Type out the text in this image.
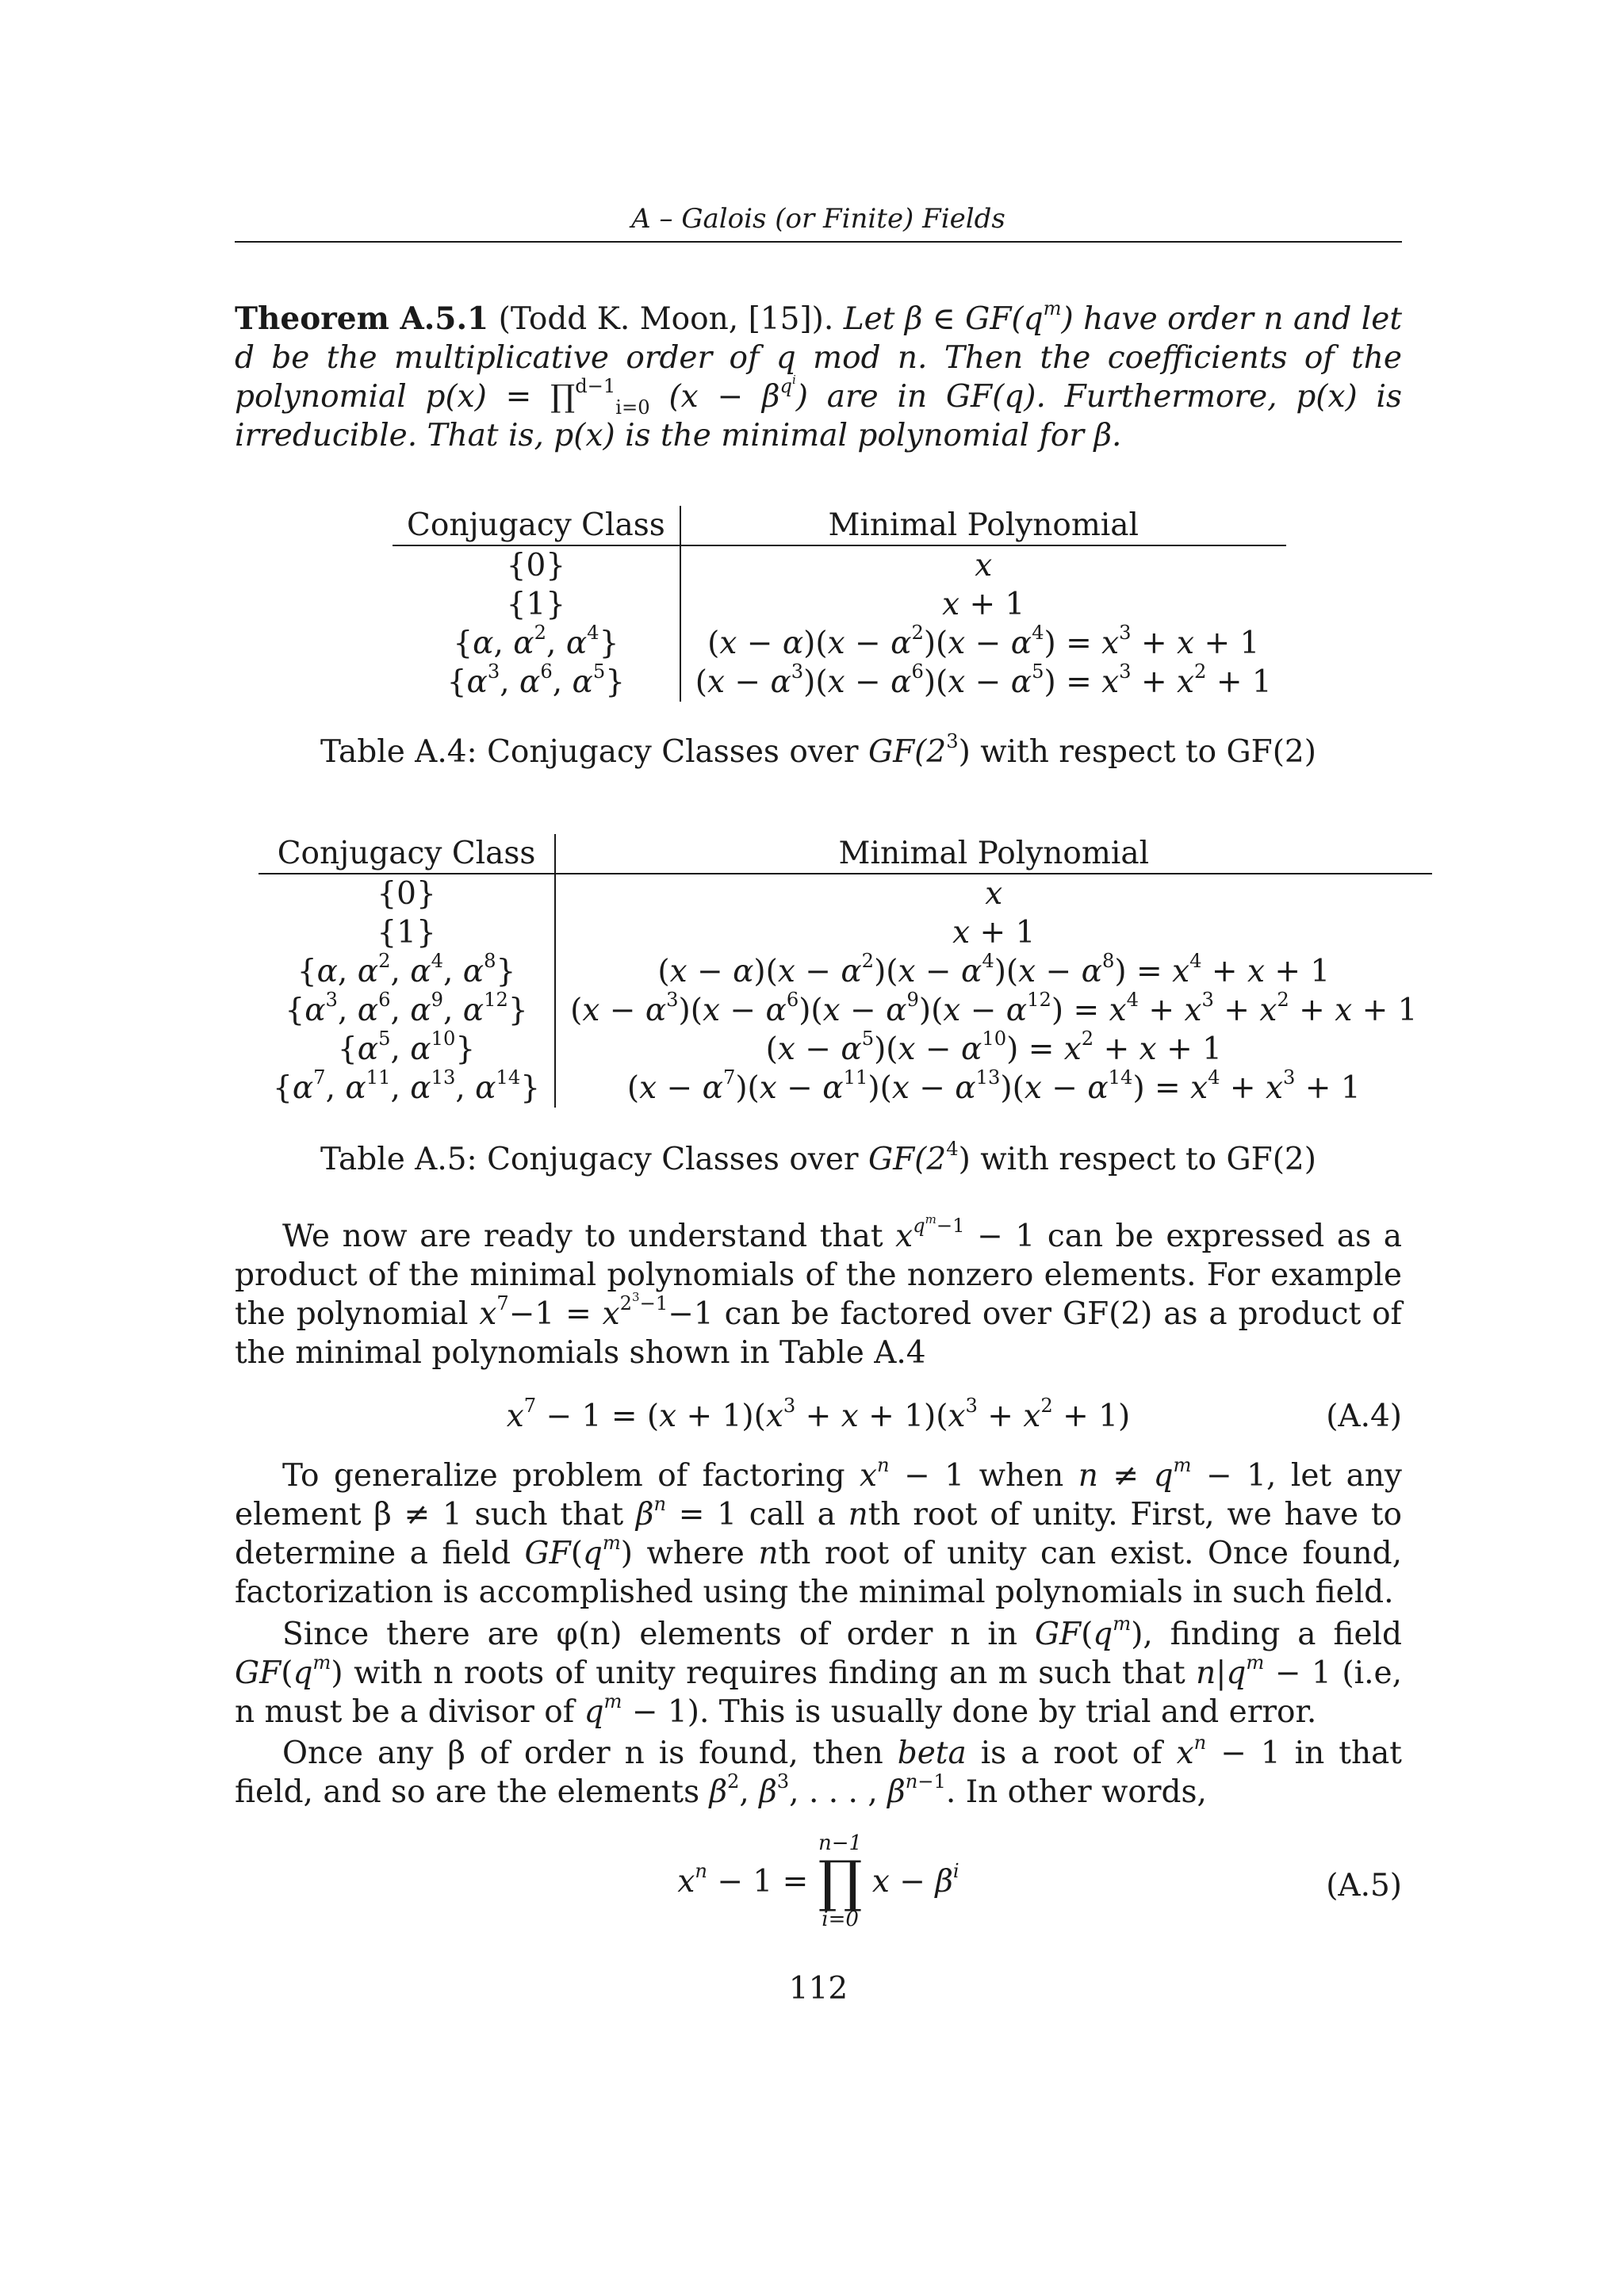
A – Galois (or Finite) Fields
Theorem A.5.1 (Todd K. Moon, [15]). Let β ∈ $GF(q^m)$ have order n and let d be the multiplicative order of q mod n. Then the coefficients of the polynomial p(x) = ∏$^{d-1}_{i=0}$ $(x - \beta^{q^i})$ are in GF(q). Furthermore, p(x) is irreducible. That is, p(x) is the minimal polynomial for β.
Conjugacy Class	Minimal Polynomial
{0}	x
{1}	x + 1
{α, $\alpha^2$, $\alpha^4$}	$(x - \alpha)(x - \alpha^2)(x - \alpha^4) = x^3 + x + 1$
{$\alpha^3$, $\alpha^6$, $\alpha^5$}	$(x - \alpha^3)(x - \alpha^6)(x - \alpha^5) = x^3 + x^2 + 1$
Table A.4: Conjugacy Classes over $GF(2^3)$ with respect to GF(2)
Conjugacy Class	Minimal Polynomial
{0}	x
{1}	x + 1
{α, $\alpha^2$, $\alpha^4$, $\alpha^8$}	$(x - \alpha)(x - \alpha^2)(x - \alpha^4)(x - \alpha^8) = x^4 + x + 1$
{$\alpha^3$, $\alpha^6$, $\alpha^9$, $\alpha^{12}$}	$(x - \alpha^3)(x - \alpha^6)(x - \alpha^9)(x - \alpha^{12}) = x^4 + x^3 + x^2 + x + 1$
{$\alpha^5$, $\alpha^{10}$}	$(x - \alpha^5)(x - \alpha^{10}) = x^2 + x + 1$
{$\alpha^7$, $\alpha^{11}$, $\alpha^{13}$, $\alpha^{14}$}	$(x - \alpha^7)(x - \alpha^{11})(x - \alpha^{13})(x - \alpha^{14}) = x^4 + x^3 + 1$
Table A.5: Conjugacy Classes over $GF(2^4)$ with respect to GF(2)
We now are ready to understand that $x^{q^m-1} - 1$ can be expressed as a product of the minimal polynomials of the nonzero elements. For example the polynomial $x^7-1 = x^{2^3-1}-1$ can be factored over GF(2) as a product of the minimal polynomials shown in Table A.4
$x^7 - 1 = (x + 1)(x^3 + x + 1)(x^3 + x^2 + 1)$	(A.4)
To generalize problem of factoring $x^n - 1$ when $n \ne q^m - 1$, let any element β ≠ 1 such that $\beta^n = 1$ call a nth root of unity. First, we have to determine a field $GF(q^m)$ where nth root of unity can exist. Once found, factorization is accomplished using the minimal polynomials in such field.
Since there are φ(n) elements of order n in $GF(q^m)$, finding a field $GF(q^m)$ with n roots of unity requires finding an m such that $n|q^m - 1$ (i.e, n must be a divisor of $q^m - 1$). This is usually done by trial and error.
Once any β of order n is found, then beta is a root of $x^n - 1$ in that field, and so are the elements $\beta^2$, $\beta^3$, . . . , $\beta^{n-1}$. In other words,
$x^n - 1$ =
n−1
∏
i=0
$x - \beta^i$	(A.5)
112
